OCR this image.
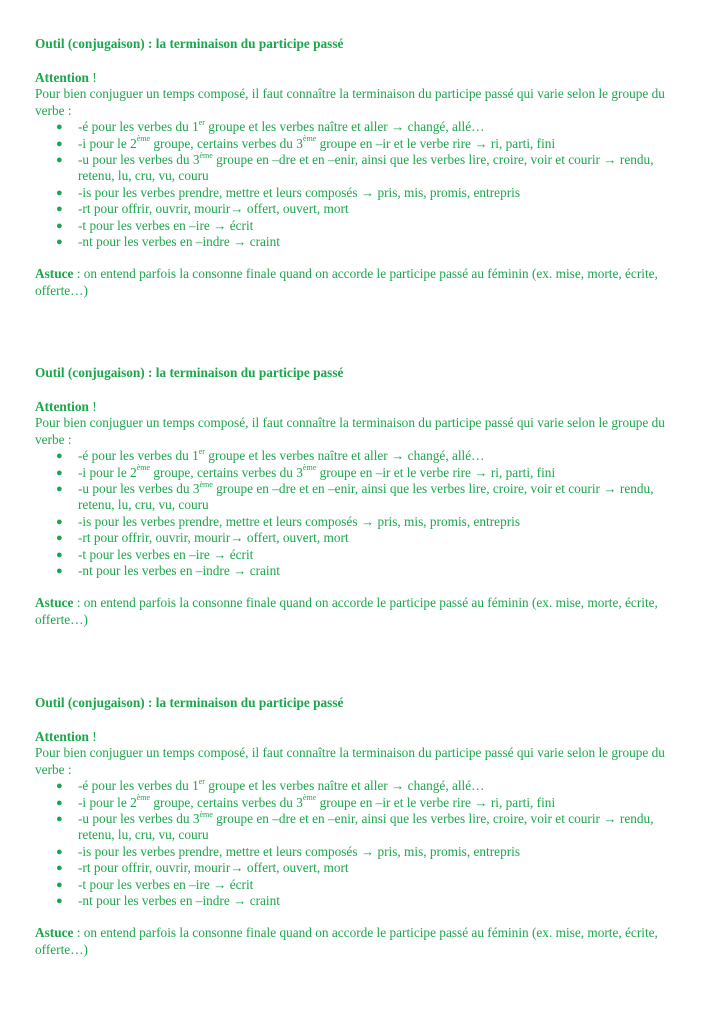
Outil (conjugaison) : la terminaison du participe passé

Attention !

Pour bien conjuguer un temps composé, il faut connaître la terminaison du participe passé qui varie selon le groupe du verbe :

● -é pour les verbes du 1er groupe et les verbes naître et aller → changé, allé…
● -i pour le 2ème groupe, certains verbes du 3ème groupe en –ir et le verbe rire → ri, parti, fini
● -u pour les verbes du 3ème groupe en –dre et en –enir, ainsi que les verbes lire, croire, voir et courir → rendu, retenu, lu, cru, vu, couru
● -is pour les verbes prendre, mettre et leurs composés → pris, mis, promis, entrepris
● -rt pour offrir, ouvrir, mourir→ offert, ouvert, mort
● -t pour les verbes en –ire → écrit
● -nt pour les verbes en –indre → craint
Astuce : on entend parfois la consonne finale quand on accorde le participe passé au féminin (ex. mise, morte, écrite, offerte…)

Outil (conjugaison) : la terminaison du participe passé

Attention !

Pour bien conjuguer un temps composé, il faut connaître la terminaison du participe passé qui varie selon le groupe du verbe :

● -é pour les verbes du 1er groupe et les verbes naître et aller → changé, allé…
● -i pour le 2ème groupe, certains verbes du 3ème groupe en –ir et le verbe rire → ri, parti, fini
● -u pour les verbes du 3ème groupe en –dre et en –enir, ainsi que les verbes lire, croire, voir et courir → rendu, retenu, lu, cru, vu, couru
● -is pour les verbes prendre, mettre et leurs composés → pris, mis, promis, entrepris
● -rt pour offrir, ouvrir, mourir→ offert, ouvert, mort
● -t pour les verbes en –ire → écrit
● -nt pour les verbes en –indre → craint
Astuce : on entend parfois la consonne finale quand on accorde le participe passé au féminin (ex. mise, morte, écrite, offerte…)

Outil (conjugaison) : la terminaison du participe passé

Attention !

Pour bien conjuguer un temps composé, il faut connaître la terminaison du participe passé qui varie selon le groupe du verbe :

● -é pour les verbes du 1er groupe et les verbes naître et aller → changé, allé…
● -i pour le 2ème groupe, certains verbes du 3ème groupe en –ir et le verbe rire → ri, parti, fini
● -u pour les verbes du 3ème groupe en –dre et en –enir, ainsi que les verbes lire, croire, voir et courir → rendu, retenu, lu, cru, vu, couru
● -is pour les verbes prendre, mettre et leurs composés → pris, mis, promis, entrepris
● -rt pour offrir, ouvrir, mourir→ offert, ouvert, mort
● -t pour les verbes en –ire → écrit
● -nt pour les verbes en –indre → craint
Astuce : on entend parfois la consonne finale quand on accorde le participe passé au féminin (ex. mise, morte, écrite, offerte…)
